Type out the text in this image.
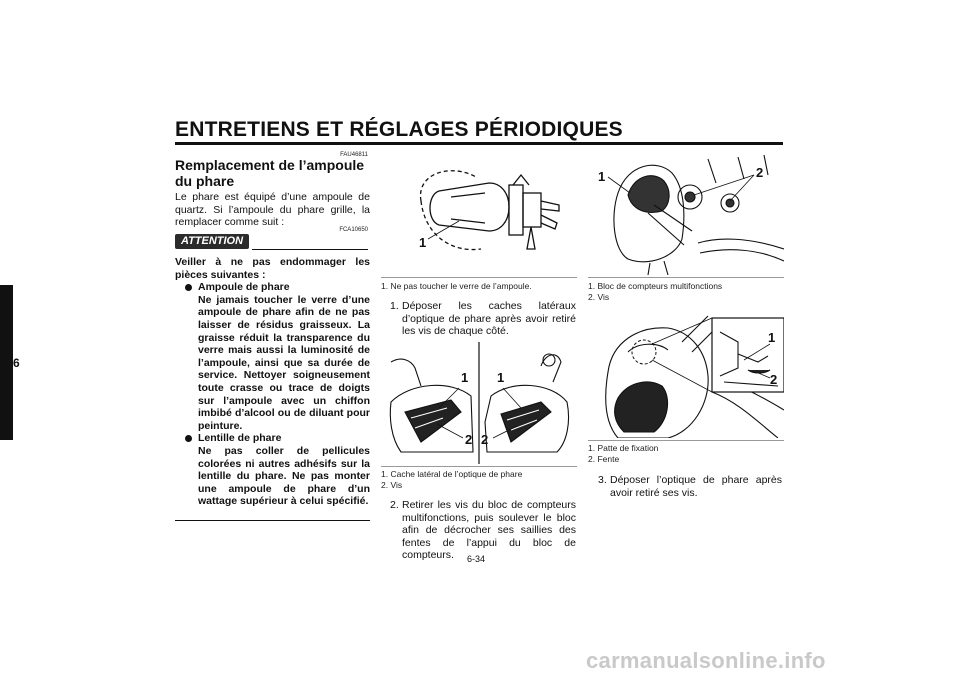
ENTRETIENS ET RÉGLAGES PÉRIODIQUES
6
FAU46811
Remplacement de l’ampoule du phare
Le phare est équipé d’une ampoule de quartz. Si l’ampoule du phare grille, la remplacer comme suit :
FCA10650
ATTENTION
Veiller à ne pas endommager les pièces suivantes :
Ampoule de phare
Ne jamais toucher le verre d’une ampoule de phare afin de ne pas laisser de résidus graisseux. La graisse réduit la transparence du verre mais aussi la luminosité de l’ampoule, ainsi que sa durée de service. Nettoyer soigneusement toute crasse ou trace de doigts sur l’ampoule avec un chiffon imbibé d’alcool ou de diluant pour peinture.
Lentille de phare
Ne pas coller de pellicules colorées ni autres adhésifs sur la lentille du phare. Ne pas monter une ampoule de phare d’un wattage supérieur à celui spécifié.
1
1. Ne pas toucher le verre de l’ampoule.
1. Déposer les caches latéraux d’optique de phare après avoir retiré les vis de chaque côté.
1
2
1
2
1. Cache latéral de l’optique de phare
2. Vis
2. Retirer les vis du bloc de compteurs multifonctions, puis soulever le bloc afin de décrocher ses saillies des fentes de l’appui du bloc de compteurs.
1	2
1. Bloc de compteurs multifonctions
2. Vis
1
2
1. Patte de fixation
2. Fente
3. Déposer l’optique de phare après avoir retiré ses vis.
6-34
carmanualsonline.info
